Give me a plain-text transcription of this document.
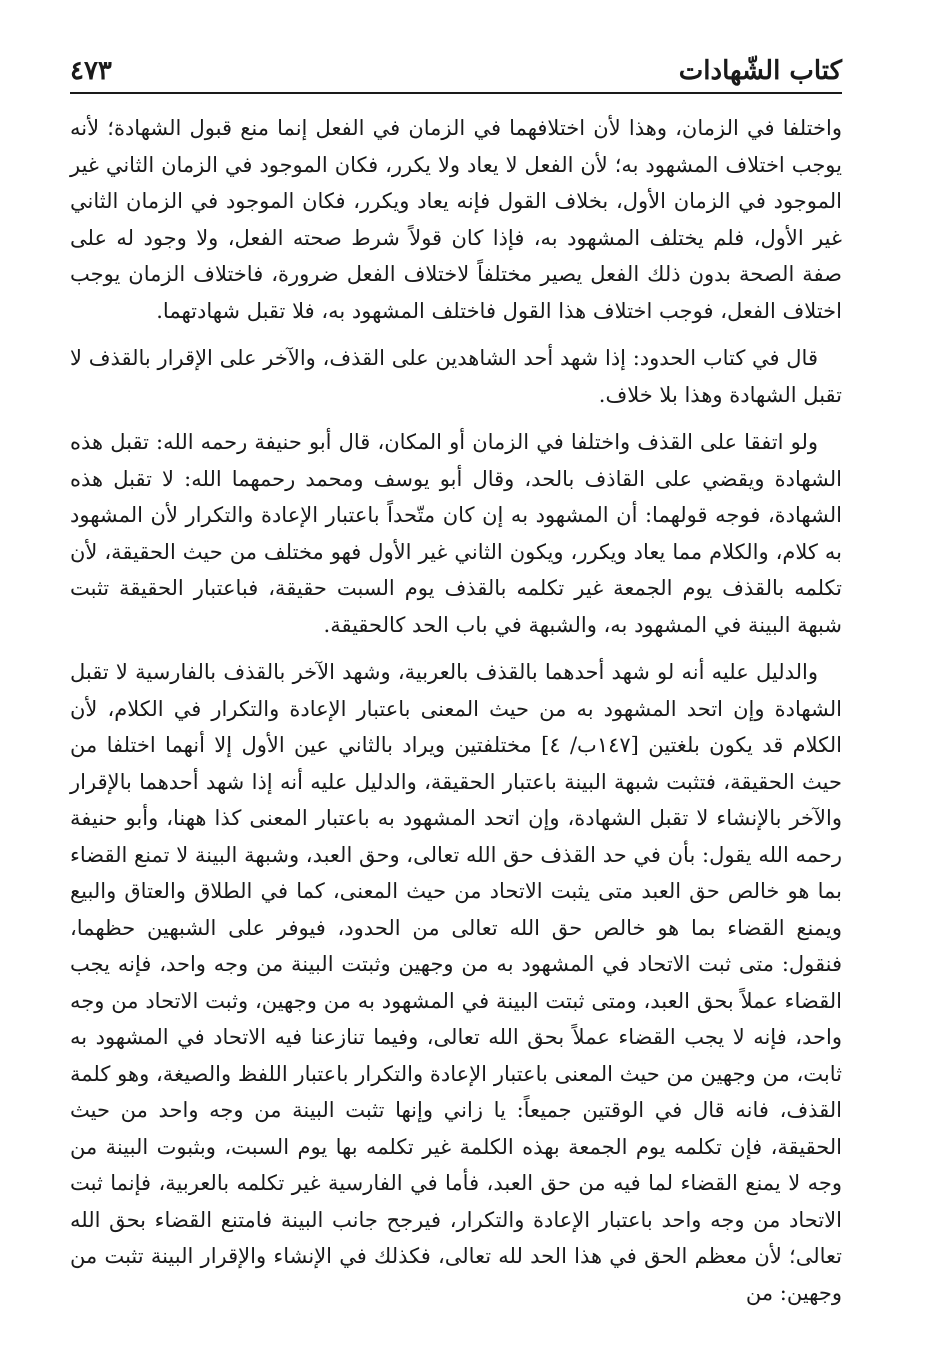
كتاب الشّهادات
٤٧٣

واختلفا في الزمان، وهذا لأن اختلافهما في الزمان في الفعل إنما منع قبول الشهادة؛ لأنه يوجب اختلاف المشهود به؛ لأن الفعل لا يعاد ولا يكرر، فكان الموجود في الزمان الثاني غير الموجود في الزمان الأول، بخلاف القول فإنه يعاد ويكرر، فكان الموجود في الزمان الثاني غير الأول، فلم يختلف المشهود به، فإذا كان قولاً شرط صحته الفعل، ولا وجود له على صفة الصحة بدون ذلك الفعل يصير مختلفاً لاختلاف الفعل ضرورة، فاختلاف الزمان يوجب اختلاف الفعل، فوجب اختلاف هذا القول فاختلف المشهود به، فلا تقبل شهادتهما.

قال في كتاب الحدود: إذا شهد أحد الشاهدين على القذف، والآخر على الإقرار بالقذف لا تقبل الشهادة وهذا بلا خلاف.

ولو اتفقا على القذف واختلفا في الزمان أو المكان، قال أبو حنيفة رحمه الله: تقبل هذه الشهادة ويقضي على القاذف بالحد، وقال أبو يوسف ومحمد رحمهما الله: لا تقبل هذه الشهادة، فوجه قولهما: أن المشهود به إن كان متّحداً باعتبار الإعادة والتكرار لأن المشهود به كلام، والكلام مما يعاد ويكرر، ويكون الثاني غير الأول فهو مختلف من حيث الحقيقة، لأن تكلمه بالقذف يوم الجمعة غير تكلمه بالقذف يوم السبت حقيقة، فباعتبار الحقيقة تثبت شبهة البينة في المشهود به، والشبهة في باب الحد كالحقيقة.

والدليل عليه أنه لو شهد أحدهما بالقذف بالعربية، وشهد الآخر بالقذف بالفارسية لا تقبل الشهادة وإن اتحد المشهود به من حيث المعنى باعتبار الإعادة والتكرار في الكلام، لأن الكلام قد يكون بلغتين [١٤٧ب/ ٤] مختلفتين ويراد بالثاني عين الأول إلا أنهما اختلفا من حيث الحقيقة، فتثبت شبهة البينة باعتبار الحقيقة، والدليل عليه أنه إذا شهد أحدهما بالإقرار والآخر بالإنشاء لا تقبل الشهادة، وإن اتحد المشهود به باعتبار المعنى كذا ههنا، وأبو حنيفة رحمه الله يقول: بأن في حد القذف حق الله تعالى، وحق العبد، وشبهة البينة لا تمنع القضاء بما هو خالص حق العبد متى يثبت الاتحاد من حيث المعنى، كما في الطلاق والعتاق والبيع ويمنع القضاء بما هو خالص حق الله تعالى من الحدود، فيوفر على الشبهين حظهما، فنقول: متى ثبت الاتحاد في المشهود به من وجهين وثبتت البينة من وجه واحد، فإنه يجب القضاء عملاً بحق العبد، ومتى ثبتت البينة في المشهود به من وجهين، وثبت الاتحاد من وجه واحد، فإنه لا يجب القضاء عملاً بحق الله تعالى، وفيما تنازعنا فيه الاتحاد في المشهود به ثابت، من وجهين من حيث المعنى باعتبار الإعادة والتكرار باعتبار اللفظ والصيغة، وهو كلمة القذف، فانه قال في الوقتين جميعاً: يا زاني وإنها تثبت البينة من وجه واحد من حيث الحقيقة، فإن تكلمه يوم الجمعة بهذه الكلمة غير تكلمه بها يوم السبت، وبثبوت البينة من وجه لا يمنع القضاء لما فيه من حق العبد، فأما في الفارسية غير تكلمه بالعربية، فإنما ثبت الاتحاد من وجه واحد باعتبار الإعادة والتكرار، فيرجح جانب البينة فامتنع القضاء بحق الله تعالى؛ لأن معظم الحق في هذا الحد لله تعالى، فكذلك في الإنشاء والإقرار البينة تثبت من وجهين: من
